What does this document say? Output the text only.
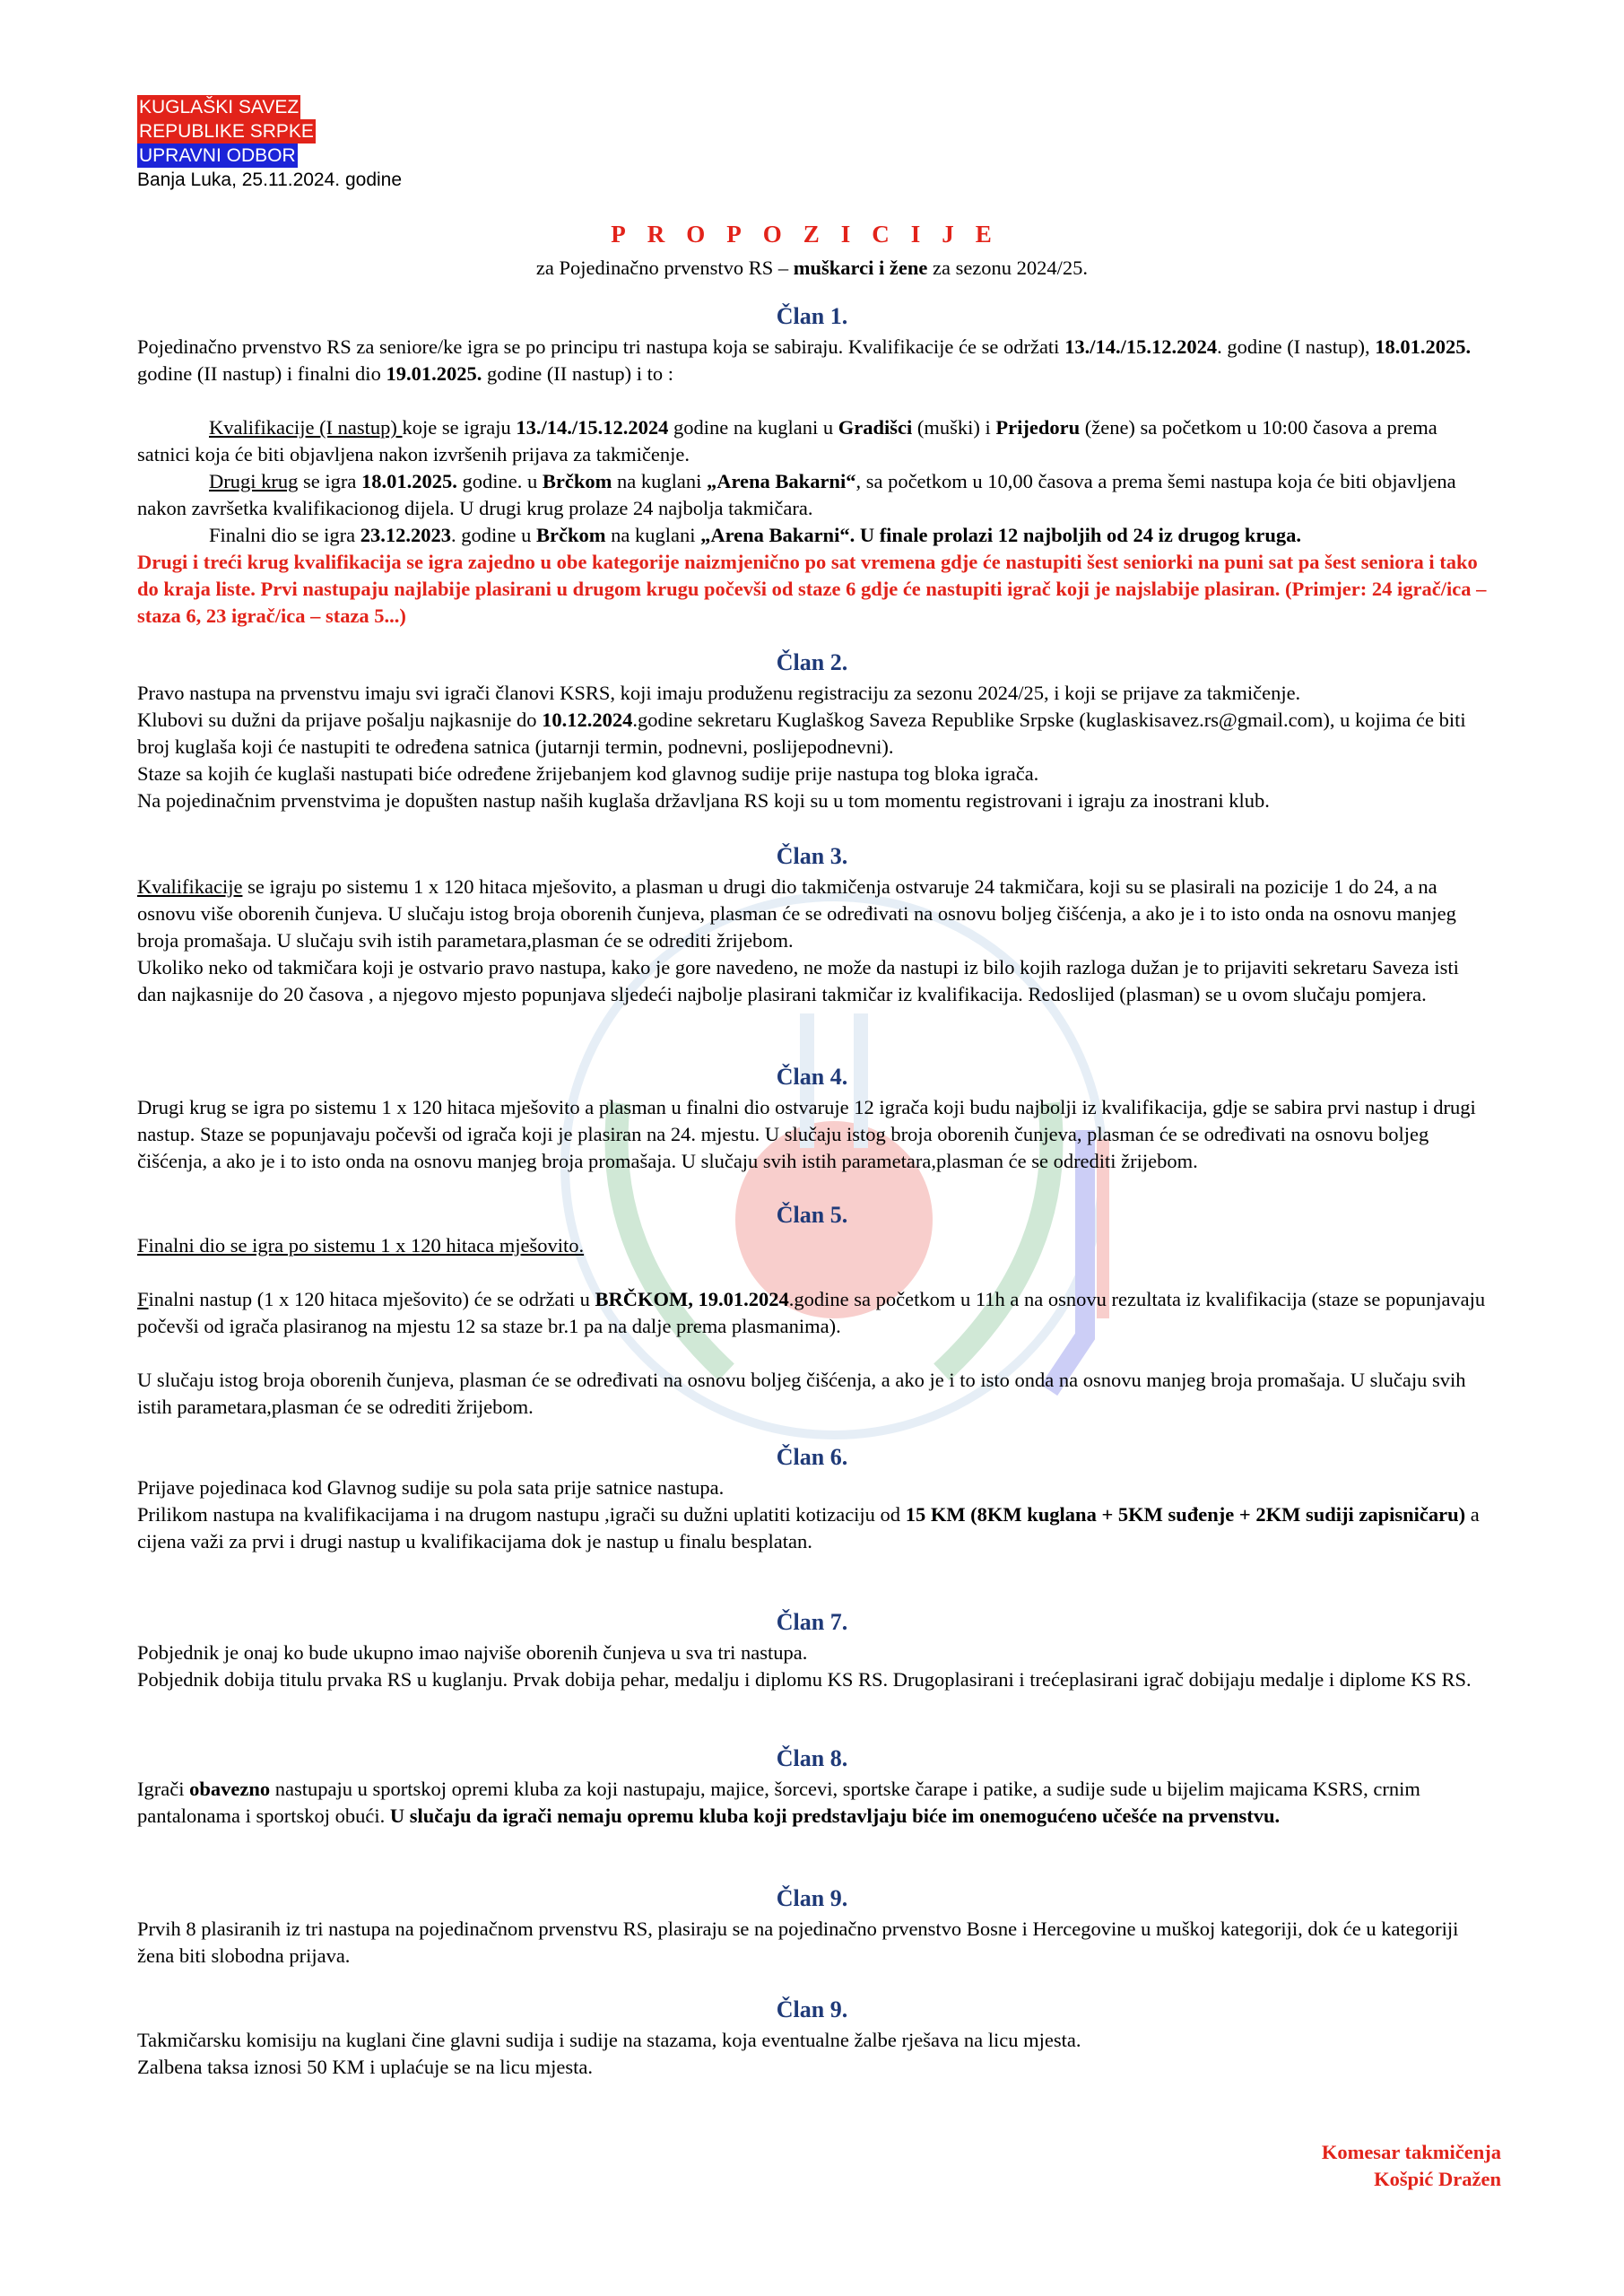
KUGLAŠKI SAVEZ
REPUBLIKE SRPKE
UPRAVNI ODBOR
Banja Luka, 25.11.2024. godine
PROPOZICIJE
za Pojedinačno prvenstvo RS – muškarci i žene za sezonu 2024/25.
Član 1.

Pojedinačno prvenstvo RS za seniore/ke igra se po principu tri nastupa koja se sabiraju. Kvalifikacije će se održati 13./14./15.12.2024. godine (I nastup), 18.01.2025. godine (II nastup) i finalni dio 19.01.2025. godine (II nastup) i to :

Kvalifikacije (I nastup) koje se igraju 13./14./15.12.2024 godine na kuglani u Gradišci (muški) i Prijedoru (žene) sa početkom u 10:00 časova a prema satnici koja će biti objavljena nakon izvršenih prijava za takmičenje.

Drugi krug se igra 18.01.2025. godine. u Brčkom na kuglani „Arena Bakarni“, sa početkom u 10,00 časova a prema šemi nastupa koja će biti objavljena nakon završetka kvalifikacionog dijela. U drugi krug prolaze 24 najbolja takmičara.

Finalni dio se igra 23.12.2023. godine u Brčkom na kuglani „Arena Bakarni“. U finale prolazi 12 najboljih od 24 iz drugog kruga.

Drugi i treći krug kvalifikacija se igra zajedno u obe kategorije naizmjenično po sat vremena gdje će nastupiti šest seniorki na puni sat pa šest seniora i tako do kraja liste. Prvi nastupaju najlabije plasirani u drugom krugu počevši od staze 6 gdje će nastupiti igrač koji je najslabije plasiran. (Primjer: 24 igrač/ica – staza 6, 23 igrač/ica – staza 5...)

Član 2.

Pravo nastupa na prvenstvu imaju svi igrači članovi KSRS, koji imaju produženu registraciju za sezonu 2024/25, i koji se prijave za takmičenje.

Klubovi su dužni da prijave pošalju najkasnije do 10.12.2024.godine sekretaru Kuglaškog Saveza Republike Srpske (kuglaskisavez.rs@gmail.com), u kojima će biti broj kuglaša koji će nastupiti te određena satnica (jutarnji termin, podnevni, poslijepodnevni).

Staze sa kojih će kuglaši nastupati biće određene žrijebanjem kod glavnog sudije prije nastupa tog bloka igrača.

Na pojedinačnim prvenstvima je dopušten nastup naših kuglaša državljana RS koji su u tom momentu registrovani i igraju za inostrani klub.

Član 3.

Kvalifikacije se igraju po sistemu 1 x 120 hitaca mješovito, a plasman u drugi dio takmičenja ostvaruje 24 takmičara, koji su se plasirali na pozicije 1 do 24, a na osnovu više oborenih čunjeva. U slučaju istog broja oborenih čunjeva, plasman će se određivati na osnovu boljeg čišćenja, a ako je i to isto onda na osnovu manjeg broja promašaja. U slučaju svih istih parametara,plasman će se odrediti žrijebom.

Ukoliko neko od takmičara koji je ostvario pravo nastupa, kako je gore navedeno, ne može da nastupi iz bilo kojih razloga dužan je to prijaviti sekretaru Saveza isti dan najkasnije do 20 časova , a njegovo mjesto popunjava sljedeći najbolje plasirani takmičar iz kvalifikacija. Redoslijed (plasman) se u ovom slučaju pomjera.

Član 4.

Drugi krug se igra po sistemu 1 x 120 hitaca mješovito a plasman u finalni dio ostvaruje 12 igrača koji budu najbolji iz kvalifikacija, gdje se sabira prvi nastup i drugi nastup. Staze se popunjavaju počevši od igrača koji je plasiran na 24. mjestu. U slučaju istog broja oborenih čunjeva, plasman će se određivati na osnovu boljeg čišćenja, a ako je i to isto onda na osnovu manjeg broja promašaja. U slučaju svih istih parametara,plasman će se odrediti žrijebom.

Član 5.

Finalni dio se igra po sistemu 1 x 120 hitaca mješovito.

Finalni nastup (1 x 120 hitaca mješovito) će se održati u BRČKOM, 19.01.2024.godine sa početkom u 11h a na osnovu rezultata iz kvalifikacija (staze se popunjavaju počevši od igrača plasiranog na mjestu 12 sa staze br.1 pa na dalje prema plasmanima).

U slučaju istog broja oborenih čunjeva, plasman će se određivati na osnovu boljeg čišćenja, a ako je i to isto onda na osnovu manjeg broja promašaja. U slučaju svih istih parametara,plasman će se odrediti žrijebom.

Član 6.

Prijave pojedinaca kod Glavnog sudije su pola sata prije satnice nastupa.

Prilikom nastupa na kvalifikacijama i na drugom nastupu ,igrači su dužni uplatiti kotizaciju od 15 KM (8KM kuglana + 5KM suđenje + 2KM sudiji zapisničaru) a cijena važi za prvi i drugi nastup u kvalifikacijama dok je nastup u finalu besplatan.

Član 7.

Pobjednik je onaj ko bude ukupno imao najviše oborenih čunjeva u sva tri nastupa.

Pobjednik dobija titulu prvaka RS u kuglanju. Prvak dobija pehar, medalju i diplomu KS RS. Drugoplasirani i trećeplasirani igrač dobijaju medalje i diplome KS RS.

Član 8.

Igrači obavezno nastupaju u sportskoj opremi kluba za koji nastupaju, majice, šorcevi, sportske čarape i patike, a sudije sude u bijelim majicama KSRS, crnim pantalonama i sportskoj obući. U slučaju da igrači nemaju opremu kluba koji predstavljaju biće im onemogućeno učešće na prvenstvu.

Član 9.

Prvih 8 plasiranih iz tri nastupa na pojedinačnom prvenstvu RS, plasiraju se na pojedinačno prvenstvo Bosne i Hercegovine u muškoj kategoriji, dok će u kategoriji žena biti slobodna prijava.

Član 9.

Takmičarsku komisiju na kuglani čine glavni sudija i sudije na stazama, koja eventualne žalbe rješava na licu mjesta.

Zalbena taksa iznosi 50 KM i uplaćuje se na licu mjesta.

Komesar takmičenja
Košpić Dražen
